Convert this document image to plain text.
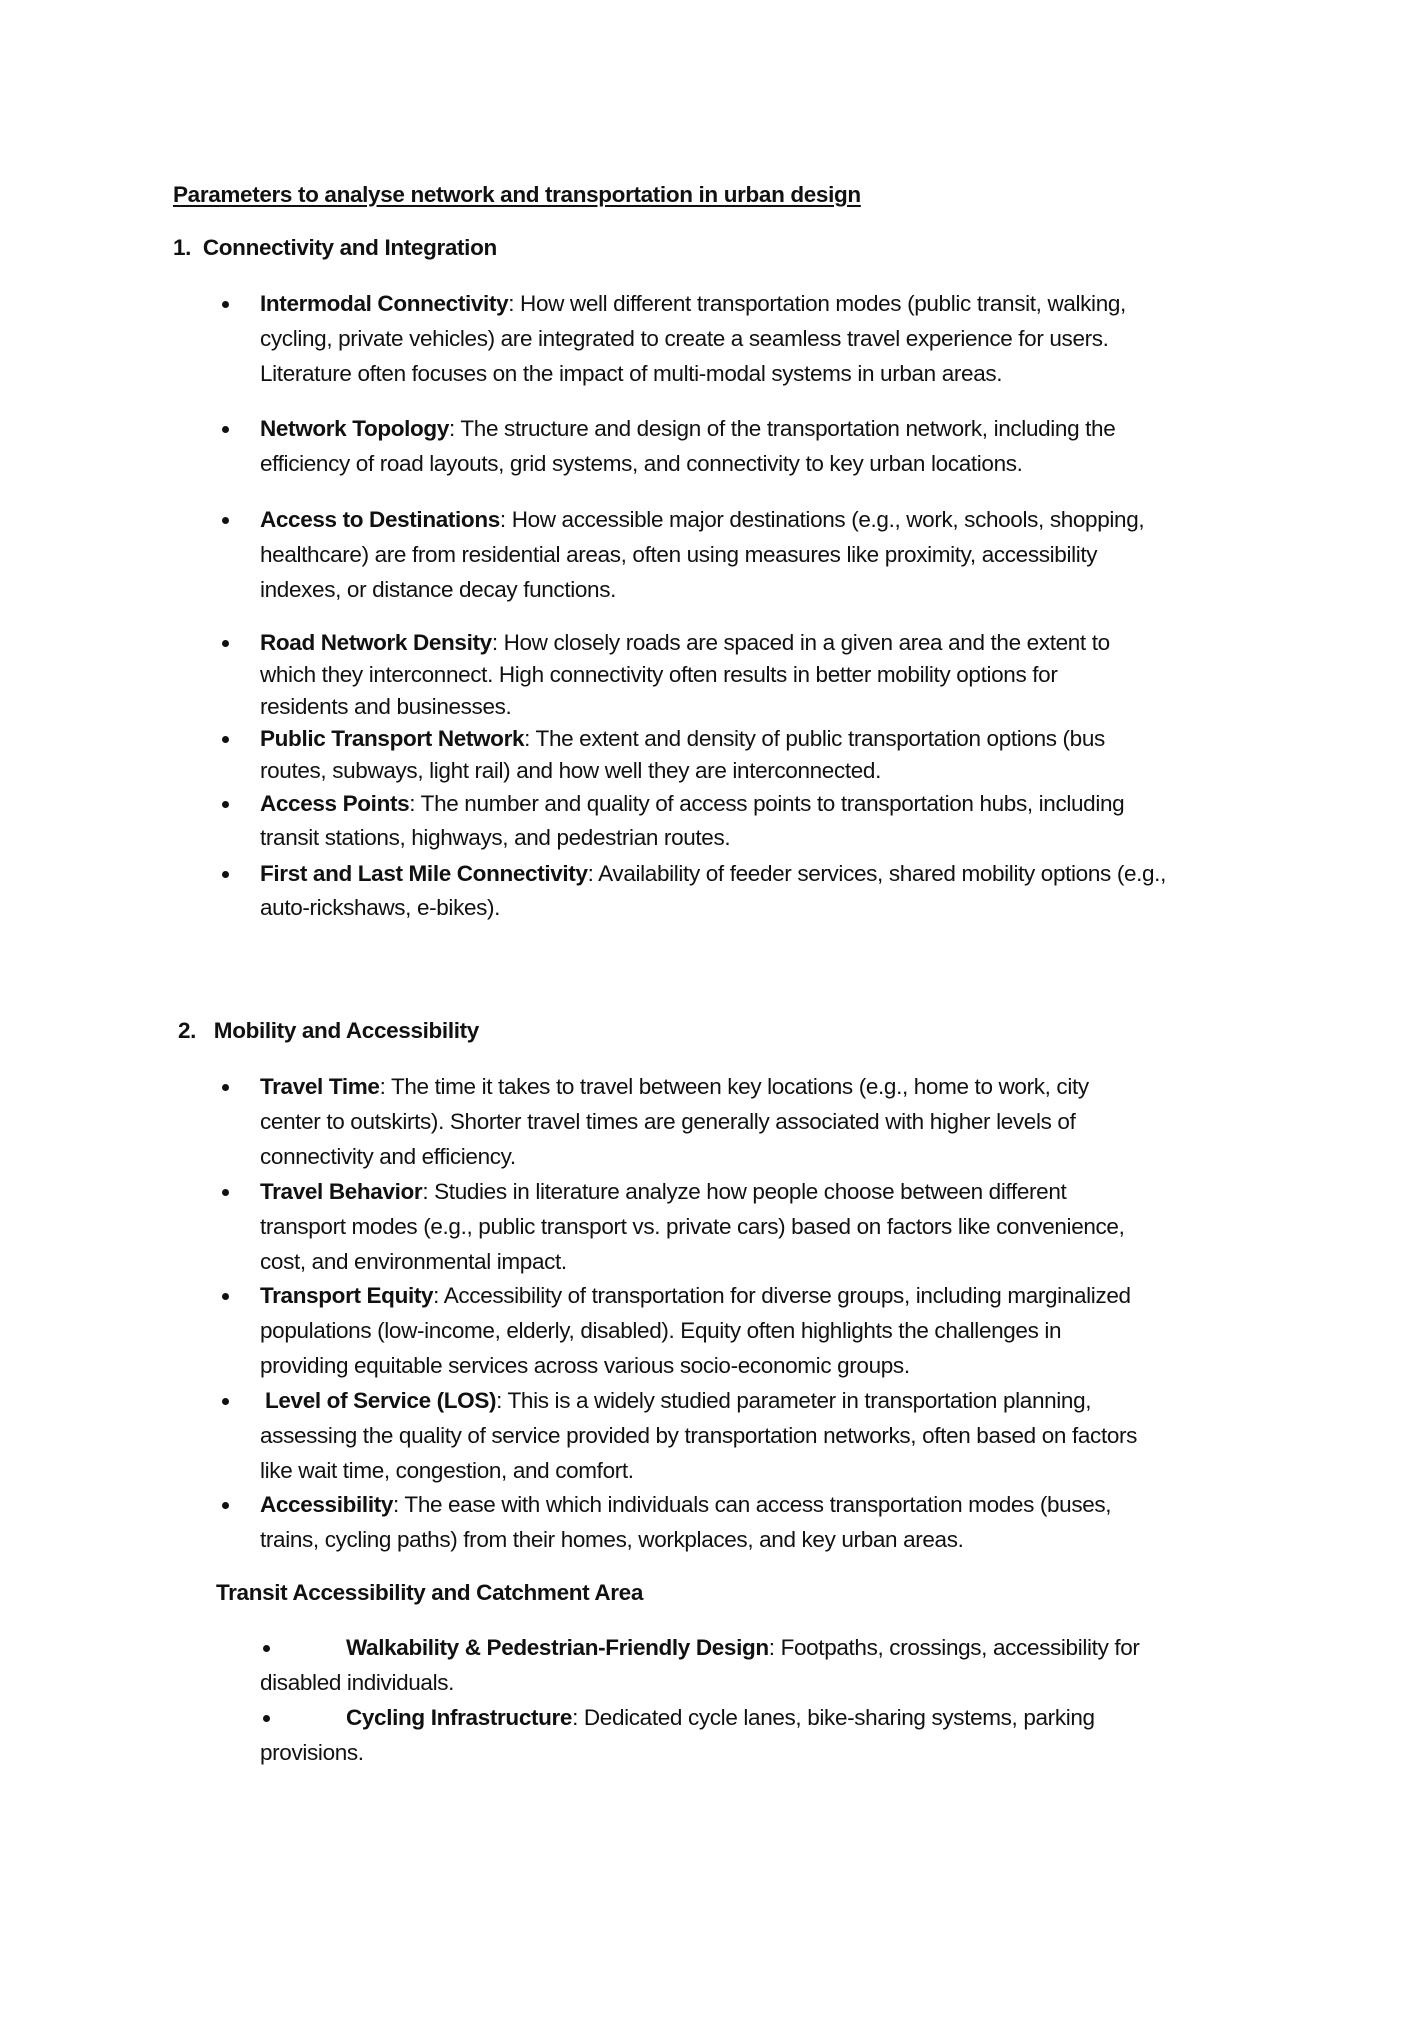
Parameters to analyse network and transportation in urban design
1. Connectivity and Integration
Intermodal Connectivity: How well different transportation modes (public transit, walking,
cycling, private vehicles) are integrated to create a seamless travel experience for users.
Literature often focuses on the impact of multi-modal systems in urban areas.
Network Topology: The structure and design of the transportation network, including the
efficiency of road layouts, grid systems, and connectivity to key urban locations.
Access to Destinations: How accessible major destinations (e.g., work, schools, shopping,
healthcare) are from residential areas, often using measures like proximity, accessibility
indexes, or distance decay functions.
Road Network Density: How closely roads are spaced in a given area and the extent to
which they interconnect. High connectivity often results in better mobility options for
residents and businesses.
Public Transport Network: The extent and density of public transportation options (bus
routes, subways, light rail) and how well they are interconnected.
Access Points: The number and quality of access points to transportation hubs, including
transit stations, highways, and pedestrian routes.
First and Last Mile Connectivity: Availability of feeder services, shared mobility options (e.g.,
auto-rickshaws, e-bikes).
2. Mobility and Accessibility
Travel Time: The time it takes to travel between key locations (e.g., home to work, city
center to outskirts). Shorter travel times are generally associated with higher levels of
connectivity and efficiency.
Travel Behavior: Studies in literature analyze how people choose between different
transport modes (e.g., public transport vs. private cars) based on factors like convenience,
cost, and environmental impact.
Transport Equity: Accessibility of transportation for diverse groups, including marginalized
populations (low-income, elderly, disabled). Equity often highlights the challenges in
providing equitable services across various socio-economic groups.
Level of Service (LOS): This is a widely studied parameter in transportation planning,
assessing the quality of service provided by transportation networks, often based on factors
like wait time, congestion, and comfort.
Accessibility: The ease with which individuals can access transportation modes (buses,
trains, cycling paths) from their homes, workplaces, and key urban areas.
Transit Accessibility and Catchment Area
Walkability & Pedestrian-Friendly Design: Footpaths, crossings, accessibility for
disabled individuals.
Cycling Infrastructure: Dedicated cycle lanes, bike-sharing systems, parking
provisions.
